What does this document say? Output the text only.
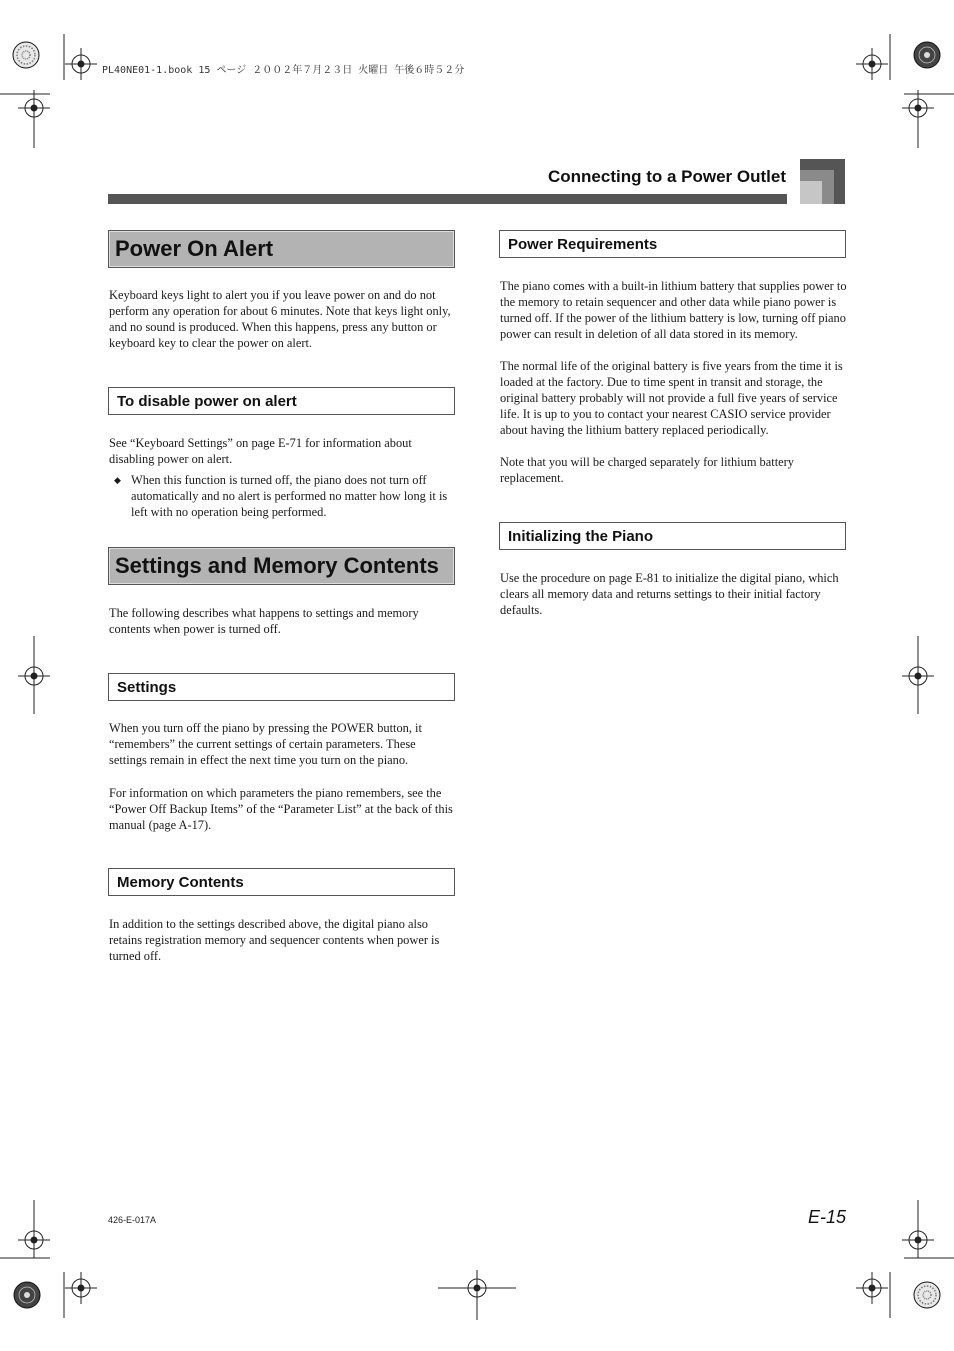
PL40NE01-1.book 15 ページ ２００２年７月２３日 火曜日 午後６時５２分
Connecting to a Power Outlet
Power On Alert

Keyboard keys light to alert you if you leave power on and do not perform any operation for about 6 minutes. Note that keys light only, and no sound is produced. When this happens, press any button or keyboard key to clear the power on alert.

To disable power on alert

See “Keyboard Settings” on page E-71 for information about disabling power on alert.

◆ When this function is turned off, the piano does not turn off automatically and no alert is performed no matter how long it is left with no operation being performed.
Settings and Memory Contents

The following describes what happens to settings and memory contents when power is turned off.

Settings

When you turn off the piano by pressing the POWER button, it “remembers” the current settings of certain parameters. These settings remain in effect the next time you turn on the piano.

For information on which parameters the piano remembers, see the “Power Off Backup Items” of the “Parameter List” at the back of this manual (page A-17).

Memory Contents

In addition to the settings described above, the digital piano also retains registration memory and sequencer contents when power is turned off.

Power Requirements

The piano comes with a built-in lithium battery that supplies power to the memory to retain sequencer and other data while piano power is turned off. If the power of the lithium battery is low, turning off piano power can result in deletion of all data stored in its memory.

The normal life of the original battery is five years from the time it is loaded at the factory. Due to time spent in transit and storage, the original battery probably will not provide a full five years of service life. It is up to you to contact your nearest CASIO service provider about having the lithium battery replaced periodically.

Note that you will be charged separately for lithium battery replacement.

Initializing the Piano

Use the procedure on page E-81 to initialize the digital piano, which clears all memory data and returns settings to their initial factory defaults.

426-E-017A	E-15
